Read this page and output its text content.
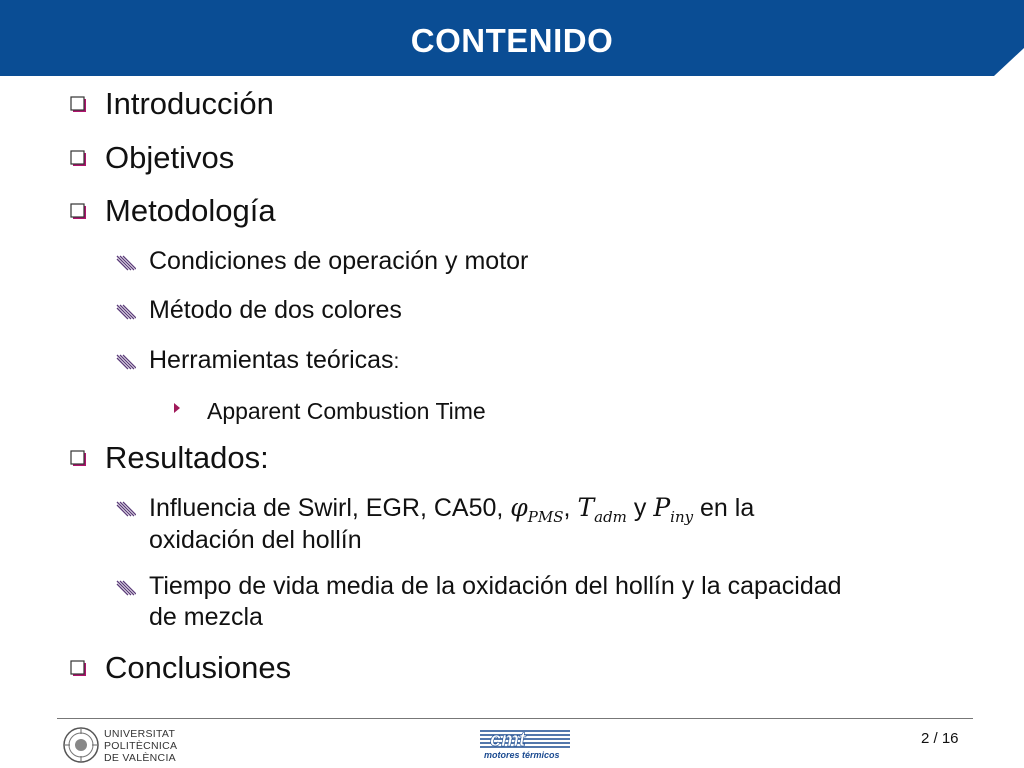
CONTENIDO
Introducción
Objetivos
Metodología
Condiciones de operación y motor
Método de dos colores
Herramientas teóricas:
Apparent Combustion Time
Resultados:
Influencia de Swirl, EGR, CA50, $\varphi_{PMS}$, $T_{adm}$ y $P_{iny}$ en la
oxidación del hollín
Tiempo de vida media de la oxidación del hollín y la capacidad
de mezcla
Conclusiones
UNIVERSITAT
POLITÈCNICA
DE VALÈNCIA
cmt
motores térmicos
2 / 16
